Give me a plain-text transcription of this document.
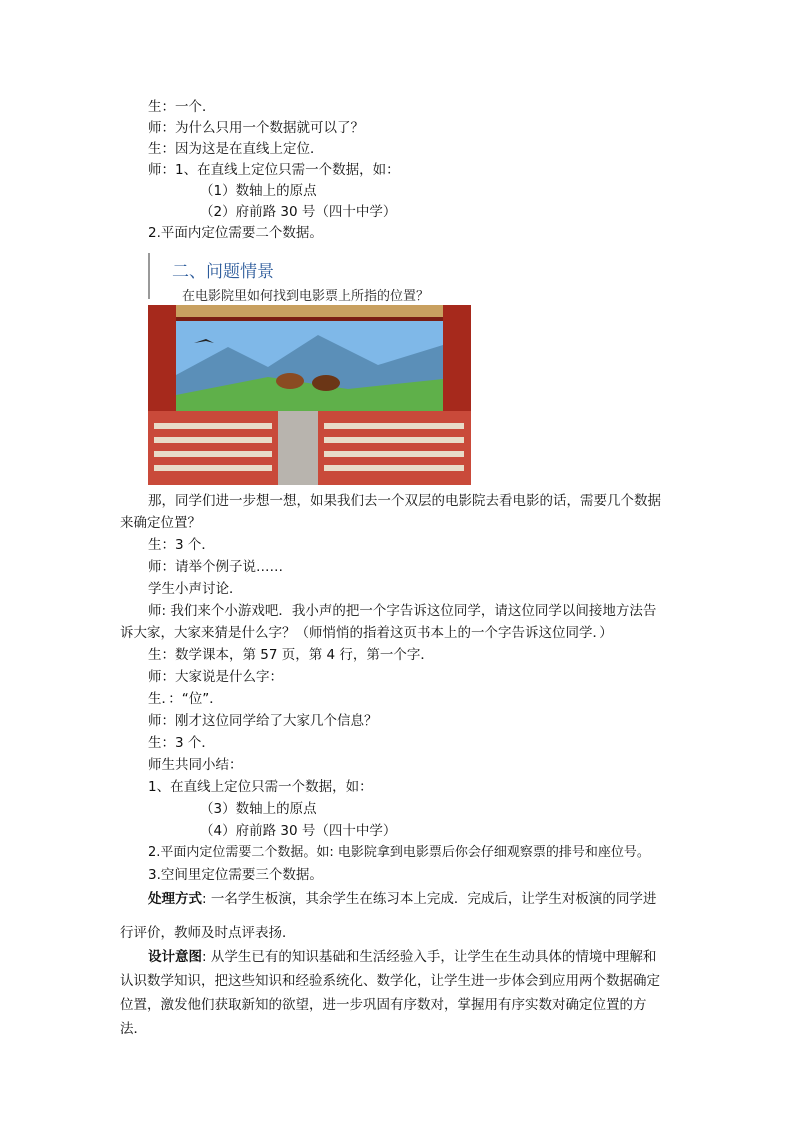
生：一个．
师：为什么只用一个数据就可以了？
生：因为这是在直线上定位．
师：1、在直线上定位只需一个数据，如：
（1）数轴上的原点
（2）府前路 30 号（四十中学）
2.平面内定位需要二个数据。
二、问题情景
在电影院里如何找到电影票上所指的位置？
那，同学们进一步想一想，如果我们去一个双层的电影院去看电影的话，需要几个数据
来确定位置？
生：3 个．
师：请举个例子说……
学生小声讨论．
师: 我们来个小游戏吧．我小声的把一个字告诉这位同学，请这位同学以间接地方法告
诉大家，大家来猜是什么字？（师悄悄的指着这页书本上的一个字告诉这位同学．）
生：数学课本，第 57 页，第 4 行，第一个字．
师：大家说是什么字：
生．：“位”．
师：刚才这位同学给了大家几个信息？
生：3 个．
师生共同小结：
1、在直线上定位只需一个数据，如：
（3）数轴上的原点
（4）府前路 30 号（四十中学）
2.平面内定位需要二个数据。如: 电影院拿到电影票后你会仔细观察票的排号和座位号。
3.空间里定位需要三个数据。
处理方式: 一名学生板演，其余学生在练习本上完成．完成后，让学生对板演的同学进
行评价，教师及时点评表扬．
设计意图: 从学生已有的知识基础和生活经验入手，让学生在生动具体的情境中理解和
认识数学知识，把这些知识和经验系统化、数学化，让学生进一步体会到应用两个数据确定
位置，激发他们获取新知的欲望，进一步巩固有序数对，掌握用有序实数对确定位置的方
法．
